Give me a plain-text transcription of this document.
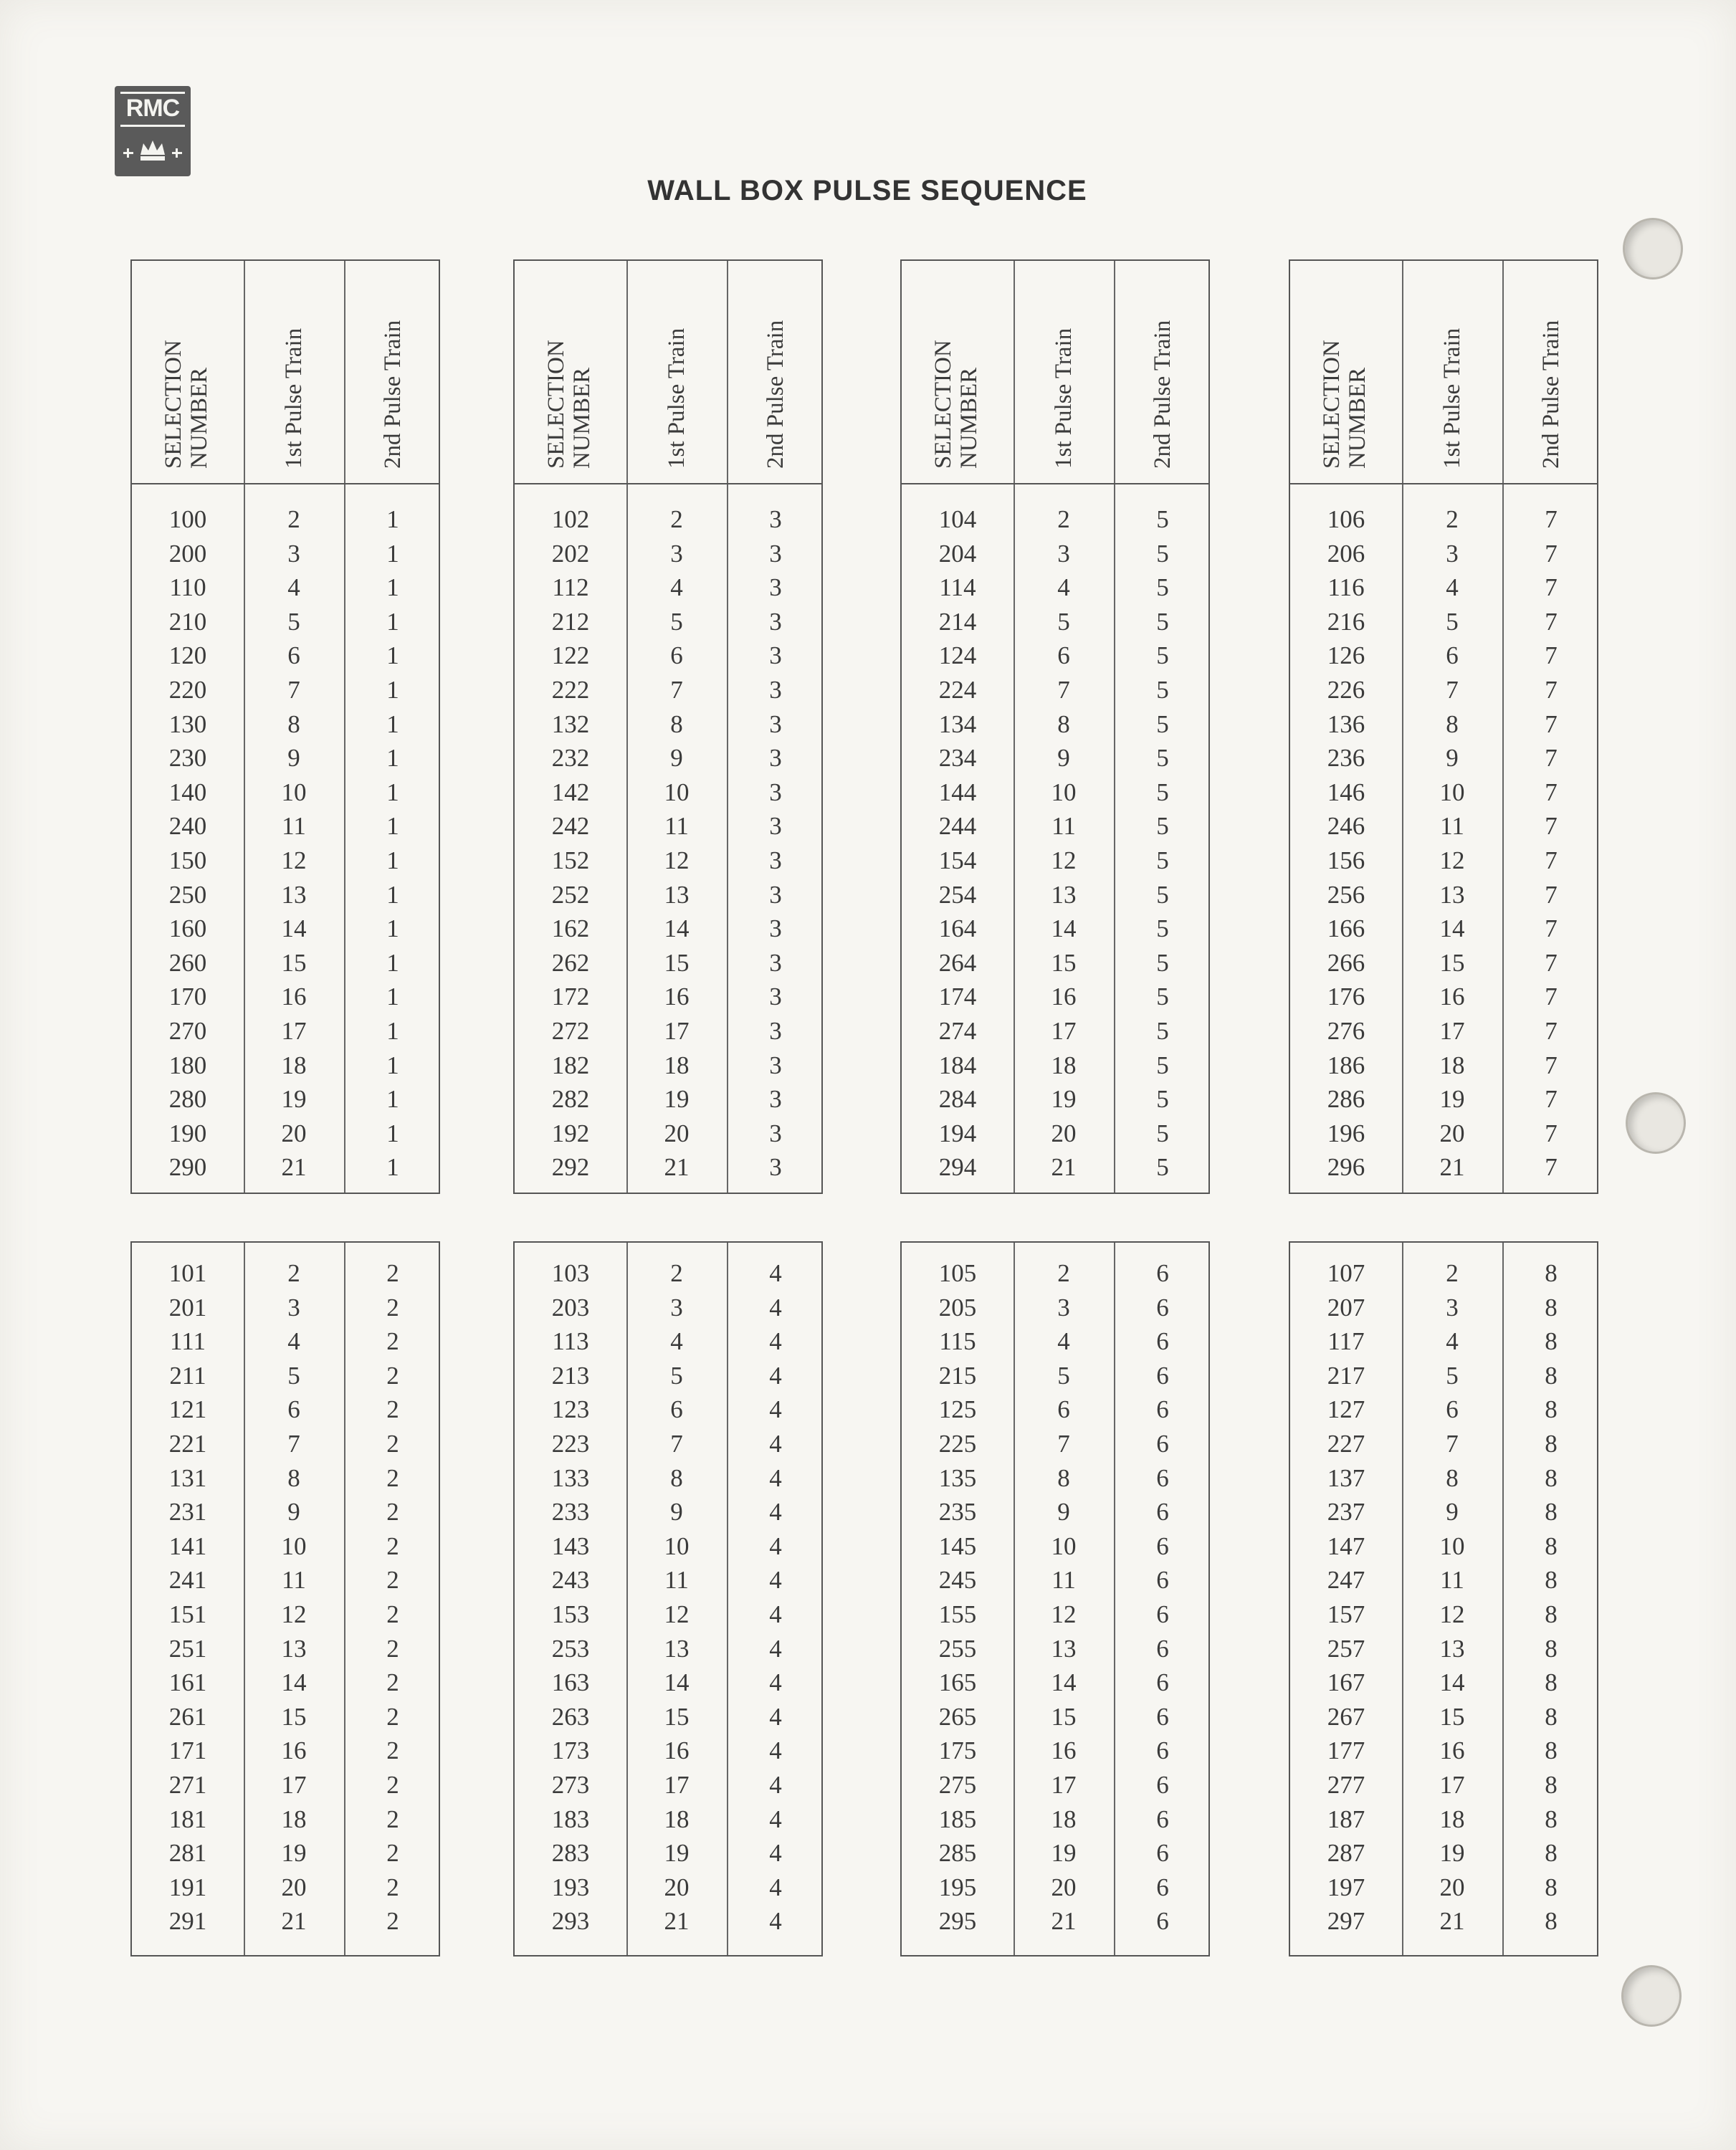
RMC
WALL BOX PULSE SEQUENCE
SELECTION NUMBER	1st Pulse Train	2nd Pulse Train
100	2	1
200	3	1
110	4	1
210	5	1
120	6	1
220	7	1
130	8	1
230	9	1
140	10	1
240	11	1
150	12	1
250	13	1
160	14	1
260	15	1
170	16	1
270	17	1
180	18	1
280	19	1
190	20	1
290	21	1
SELECTION NUMBER	1st Pulse Train	2nd Pulse Train
102	2	3
202	3	3
112	4	3
212	5	3
122	6	3
222	7	3
132	8	3
232	9	3
142	10	3
242	11	3
152	12	3
252	13	3
162	14	3
262	15	3
172	16	3
272	17	3
182	18	3
282	19	3
192	20	3
292	21	3
SELECTION NUMBER	1st Pulse Train	2nd Pulse Train
104	2	5
204	3	5
114	4	5
214	5	5
124	6	5
224	7	5
134	8	5
234	9	5
144	10	5
244	11	5
154	12	5
254	13	5
164	14	5
264	15	5
174	16	5
274	17	5
184	18	5
284	19	5
194	20	5
294	21	5
SELECTION NUMBER	1st Pulse Train	2nd Pulse Train
106	2	7
206	3	7
116	4	7
216	5	7
126	6	7
226	7	7
136	8	7
236	9	7
146	10	7
246	11	7
156	12	7
256	13	7
166	14	7
266	15	7
176	16	7
276	17	7
186	18	7
286	19	7
196	20	7
296	21	7
101	2	2
201	3	2
111	4	2
211	5	2
121	6	2
221	7	2
131	8	2
231	9	2
141	10	2
241	11	2
151	12	2
251	13	2
161	14	2
261	15	2
171	16	2
271	17	2
181	18	2
281	19	2
191	20	2
291	21	2
103	2	4
203	3	4
113	4	4
213	5	4
123	6	4
223	7	4
133	8	4
233	9	4
143	10	4
243	11	4
153	12	4
253	13	4
163	14	4
263	15	4
173	16	4
273	17	4
183	18	4
283	19	4
193	20	4
293	21	4
105	2	6
205	3	6
115	4	6
215	5	6
125	6	6
225	7	6
135	8	6
235	9	6
145	10	6
245	11	6
155	12	6
255	13	6
165	14	6
265	15	6
175	16	6
275	17	6
185	18	6
285	19	6
195	20	6
295	21	6
107	2	8
207	3	8
117	4	8
217	5	8
127	6	8
227	7	8
137	8	8
237	9	8
147	10	8
247	11	8
157	12	8
257	13	8
167	14	8
267	15	8
177	16	8
277	17	8
187	18	8
287	19	8
197	20	8
297	21	8
